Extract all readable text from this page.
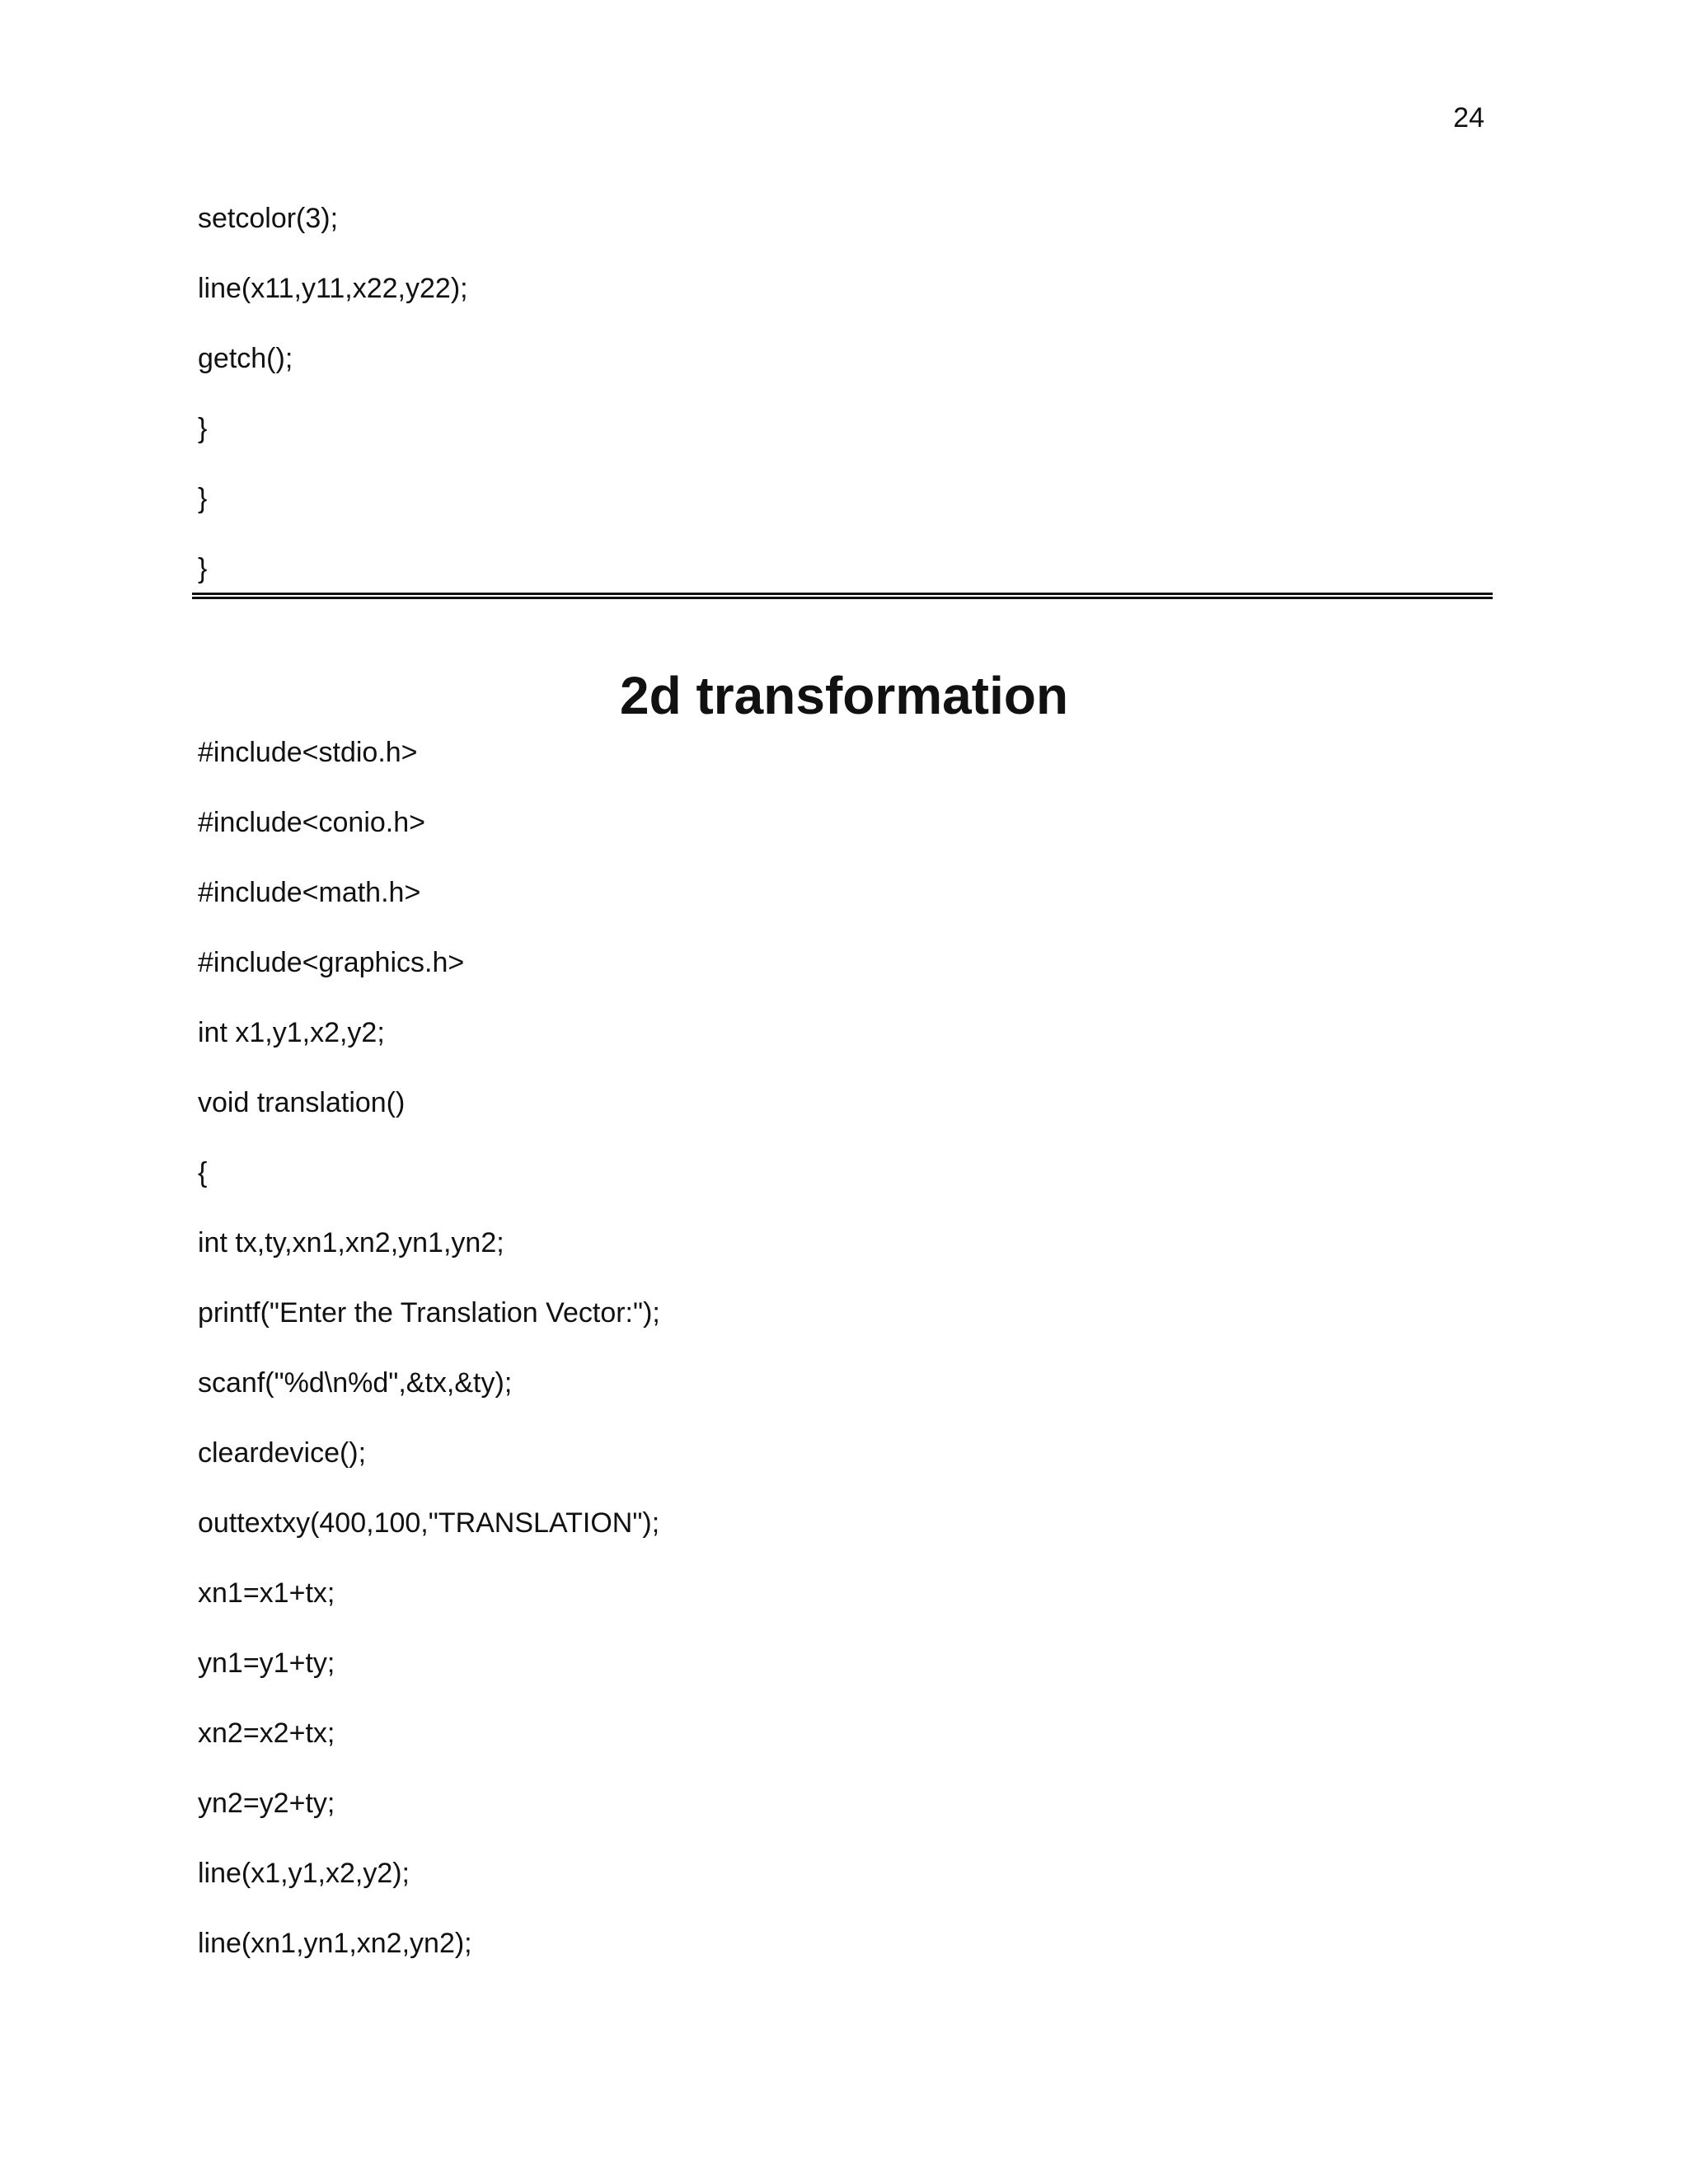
24
setcolor(3);
line(x11,y11,x22,y22);
getch();
}
}
}
2d transformation
#include<stdio.h>
#include<conio.h>
#include<math.h>
#include<graphics.h>
int x1,y1,x2,y2;
void translation()
{
int tx,ty,xn1,xn2,yn1,yn2;
printf("Enter the Translation Vector:");
scanf("%d\n%d",&tx,&ty);
cleardevice();
outtextxy(400,100,"TRANSLATION");
xn1=x1+tx;
yn1=y1+ty;
xn2=x2+tx;
yn2=y2+ty;
line(x1,y1,x2,y2);
line(xn1,yn1,xn2,yn2);
